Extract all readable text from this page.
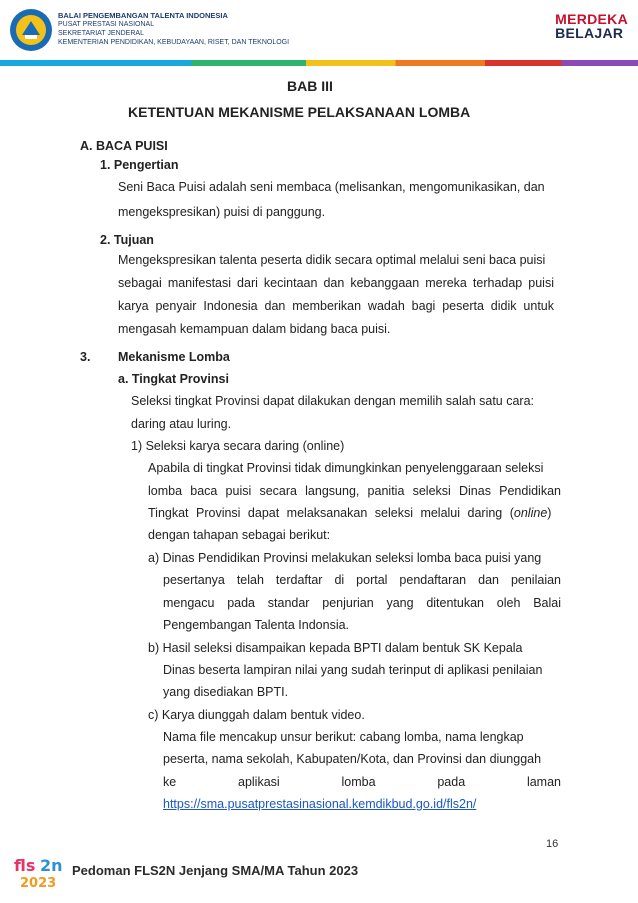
BALAI PENGEMBANGAN TALENTA INDONESIA
PUSAT PRESTASI NASIONAL
SEKRETARIAT JENDERAL
KEMENTERIAN PENDIDIKAN, KEBUDAYAAN, RISET, DAN TEKNOLOGI
MERDEKA
BELAJAR
BAB III
KETENTUAN MEKANISME PELAKSANAAN LOMBA
A. BACA PUISI
1. Pengertian
Seni Baca Puisi adalah seni membaca (melisankan, mengomunikasikan, dan
mengekspresikan) puisi di panggung.
2. Tujuan
Mengekspresikan talenta peserta didik secara optimal melalui seni baca puisi
sebagai manifestasi dari kecintaan dan kebanggaan mereka terhadap puisi
karya penyair Indonesia dan memberikan wadah bagi peserta didik untuk
mengasah kemampuan dalam bidang baca puisi.
3. Mekanisme Lomba
a. Tingkat Provinsi
Seleksi tingkat Provinsi dapat dilakukan dengan memilih salah satu cara:
daring atau luring.
1) Seleksi karya secara daring (online)
Apabila di tingkat Provinsi tidak dimungkinkan penyelenggaraan seleksi
lomba baca puisi secara langsung, panitia seleksi Dinas Pendidikan
Tingkat Provinsi dapat melaksanakan seleksi melalui daring (online)
dengan tahapan sebagai berikut:
a) Dinas Pendidikan Provinsi melakukan seleksi lomba baca puisi yang
pesertanya telah terdaftar di portal pendaftaran dan penilaian
mengacu pada standar penjurian yang ditentukan oleh Balai
Pengembangan Talenta Indonsia.
b) Hasil seleksi disampaikan kepada BPTI dalam bentuk SK Kepala
Dinas beserta lampiran nilai yang sudah terinput di aplikasi penilaian
yang disediakan BPTI.
c) Karya diunggah dalam bentuk video.
Nama file mencakup unsur berikut: cabang lomba, nama lengkap
peserta, nama sekolah, Kabupaten/Kota, dan Provinsi dan diunggah
ke aplikasi lomba pada laman
https://sma.pusatprestasinasional.kemdikbud.go.id/fls2n/
16
fls 2n
2023
Pedoman FLS2N Jenjang SMA/MA Tahun 2023
